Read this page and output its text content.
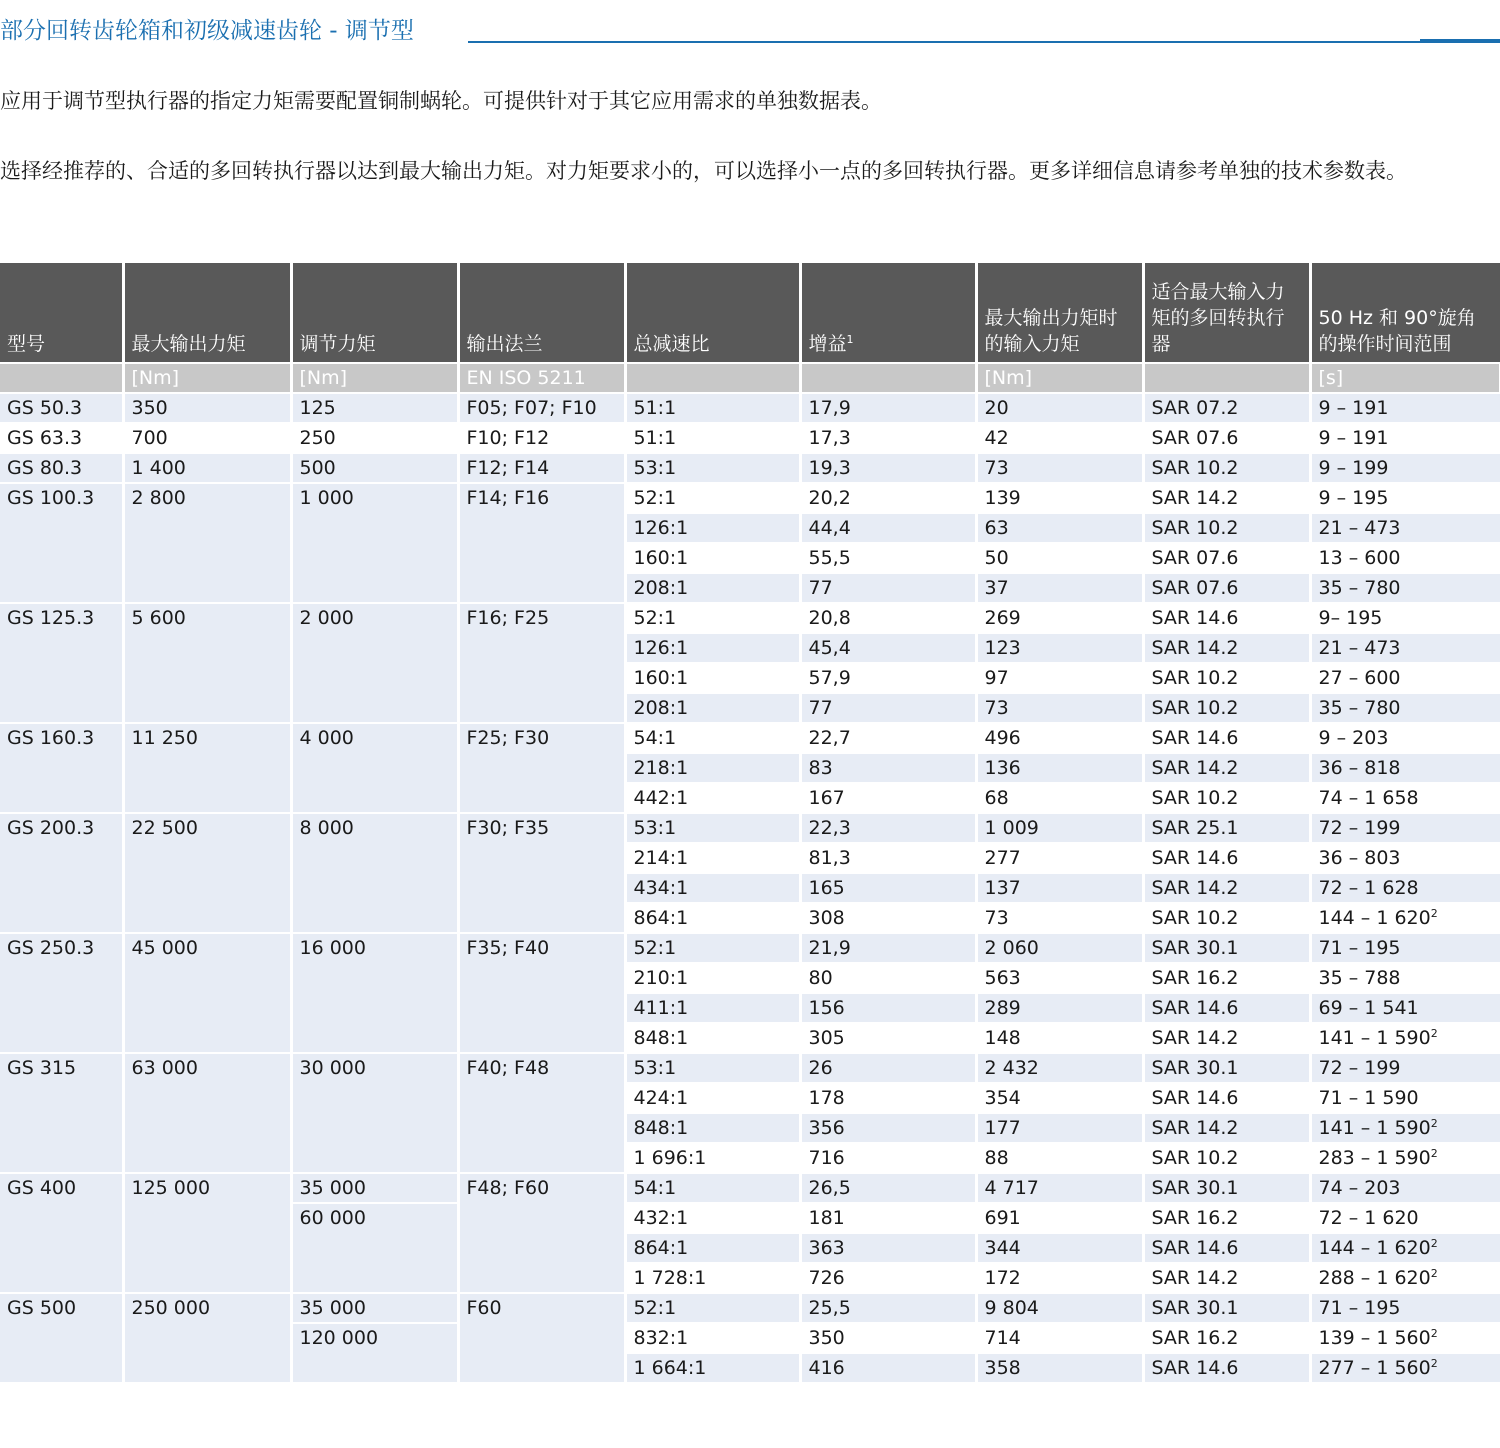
部分回转齿轮箱和初级减速齿轮 - 调节型

应用于调节型执行器的指定力矩需要配置铜制蜗轮。可提供针对于其它应用需求的单独数据表。

选择经推荐的、合适的多回转执行器以达到最大输出力矩。对力矩要求小的，可以选择小一点的多回转执行器。更多详细信息请参考单独的技术参数表。

型号	最大输出力矩	调节力矩	输出法兰	总减速比	增益$^1$	最大输出力矩时的输入力矩	适合最大输入力矩的多回转执行器	50 Hz 和 90°旋角的操作时间范围
	[Nm]	[Nm]	EN ISO 5211			[Nm]		[s]
GS 50.3	350	125	F05; F07; F10	51:1	17,9	20	SAR 07.2	9 – 191
GS 63.3	700	250	F10; F12	51:1	17,3	42	SAR 07.6	9 – 191
GS 80.3	1 400	500	F12; F14	53:1	19,3	73	SAR 10.2	9 – 199
GS 100.3	2 800	1 000	F14; F16	52:1	20,2	139	SAR 14.2	9 – 195
				126:1	44,4	63	SAR 10.2	21 – 473
				160:1	55,5	50	SAR 07.6	13 – 600
				208:1	77	37	SAR 07.6	35 – 780
GS 125.3	5 600	2 000	F16; F25	52:1	20,8	269	SAR 14.6	9– 195
				126:1	45,4	123	SAR 14.2	21 – 473
				160:1	57,9	97	SAR 10.2	27 – 600
				208:1	77	73	SAR 10.2	35 – 780
GS 160.3	11 250	4 000	F25; F30	54:1	22,7	496	SAR 14.6	9 – 203
				218:1	83	136	SAR 14.2	36 – 818
				442:1	167	68	SAR 10.2	74 – 1 658
GS 200.3	22 500	8 000	F30; F35	53:1	22,3	1 009	SAR 25.1	72 – 199
				214:1	81,3	277	SAR 14.6	36 – 803
				434:1	165	137	SAR 14.2	72 – 1 628
				864:1	308	73	SAR 10.2	144 – 1 $620^2$
GS 250.3	45 000	16 000	F35; F40	52:1	21,9	2 060	SAR 30.1	71 – 195
				210:1	80	563	SAR 16.2	35 – 788
				411:1	156	289	SAR 14.6	69 – 1 541
				848:1	305	148	SAR 14.2	141 – 1 $590^2$
GS 315	63 000	30 000	F40; F48	53:1	26	2 432	SAR 30.1	72 – 199
				424:1	178	354	SAR 14.6	71 – 1 590
				848:1	356	177	SAR 14.2	141 – 1 $590^2$
				1 696:1	716	88	SAR 10.2	283 – 1 $590^2$
GS 400	125 000	35 000	F48; F60	54:1	26,5	4 717	SAR 30.1	74 – 203
		60 000		432:1	181	691	SAR 16.2	72 – 1 620
				864:1	363	344	SAR 14.6	144 – 1 $620^2$
				1 728:1	726	172	SAR 14.2	288 – 1 $620^2$
GS 500	250 000	35 000	F60	52:1	25,5	9 804	SAR 30.1	71 – 195
		120 000		832:1	350	714	SAR 16.2	139 – 1 $560^2$
				1 664:1	416	358	SAR 14.6	277 – 1 $560^2$
